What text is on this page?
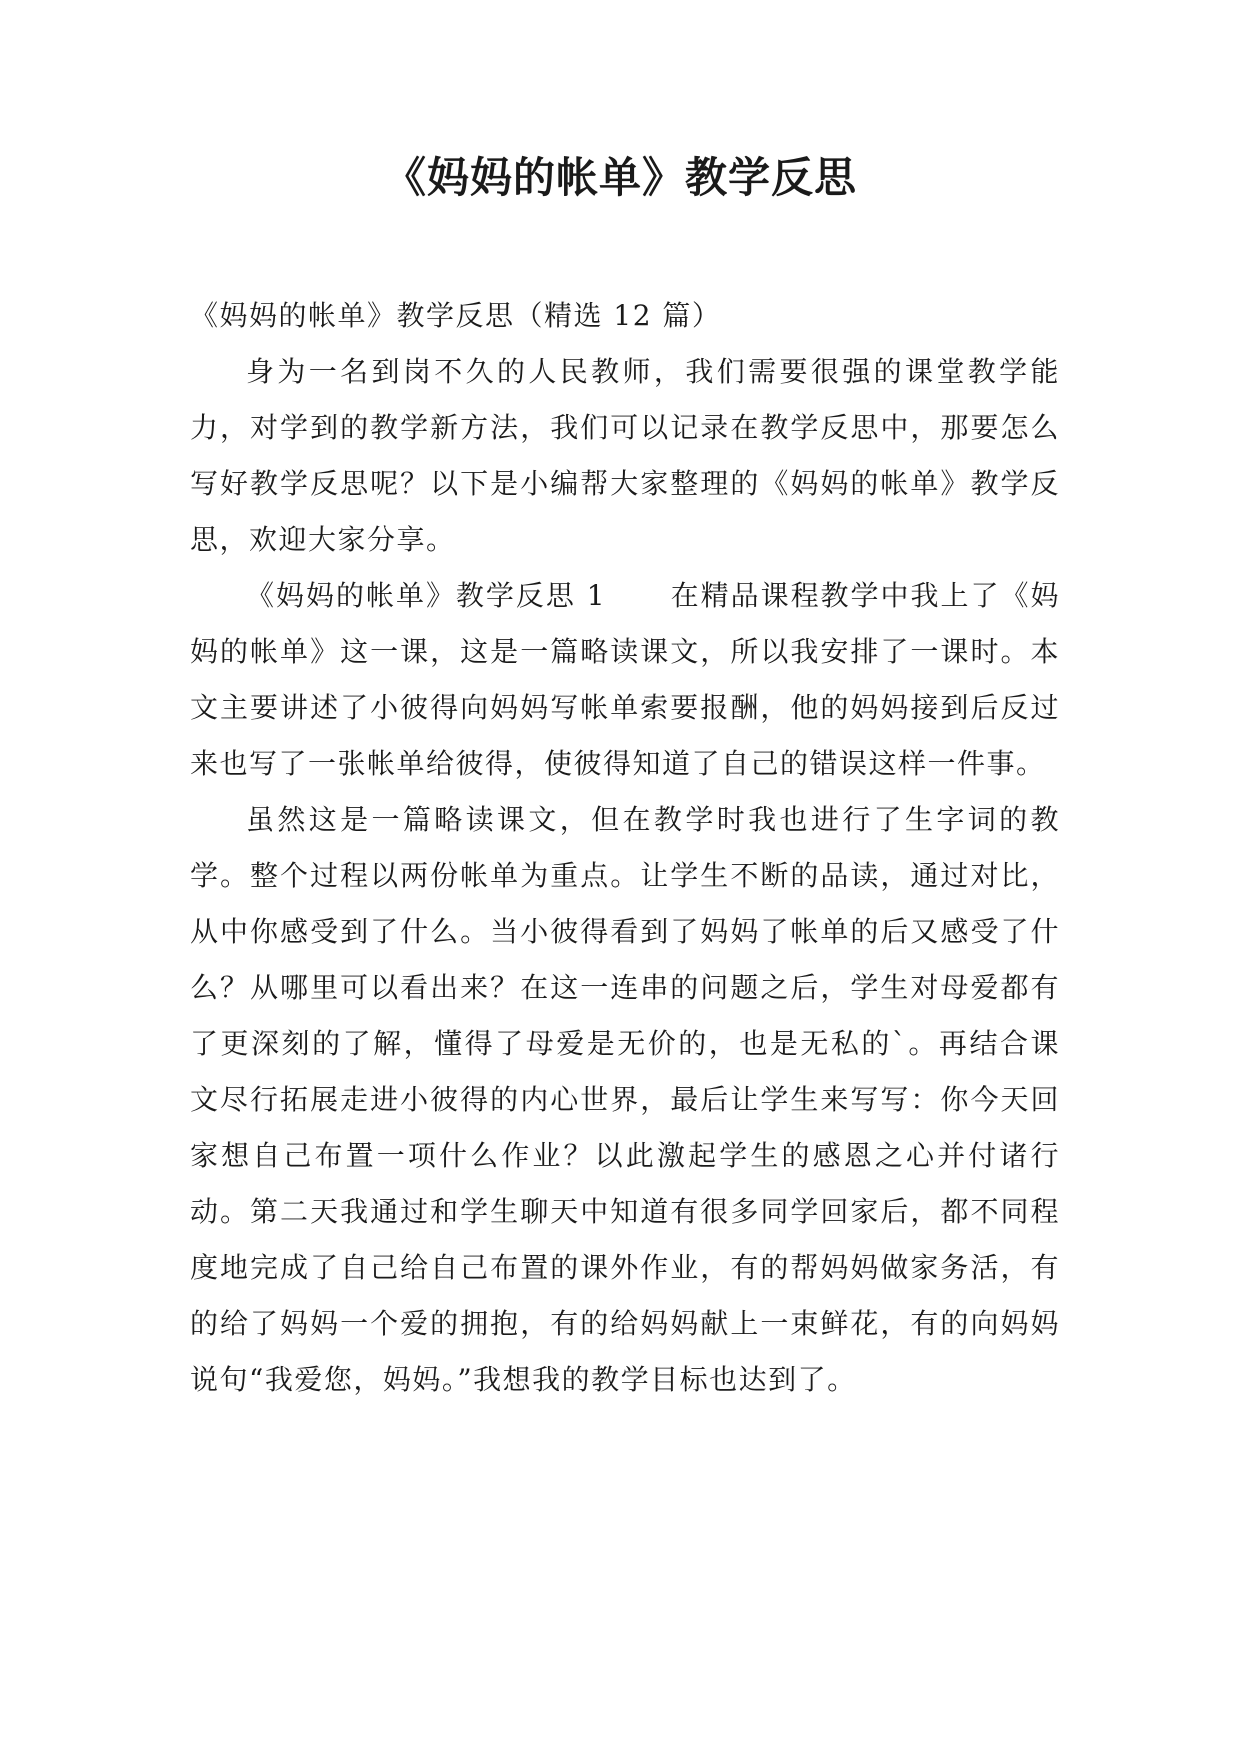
《妈妈的帐单》教学反思

《妈妈的帐单》教学反思（精选 12 篇）

身为一名到岗不久的人民教师，我们需要很强的课堂教学能力，对学到的教学新方法，我们可以记录在教学反思中，那要怎么写好教学反思呢？以下是小编帮大家整理的《妈妈的帐单》教学反思，欢迎大家分享。

《妈妈的帐单》教学反思 1 在精品课程教学中我上了《妈妈的帐单》这一课，这是一篇略读课文，所以我安排了一课时。本文主要讲述了小彼得向妈妈写帐单索要报酬，他的妈妈接到后反过来也写了一张帐单给彼得，使彼得知道了自己的错误这样一件事。

虽然这是一篇略读课文，但在教学时我也进行了生字词的教学。整个过程以两份帐单为重点。让学生不断的品读，通过对比，从中你感受到了什么。当小彼得看到了妈妈了帐单的后又感受了什么？从哪里可以看出来？在这一连串的问题之后，学生对母爱都有了更深刻的了解，懂得了母爱是无价的，也是无私的`。再结合课文尽行拓展走进小彼得的内心世界，最后让学生来写写：你今天回家想自己布置一项什么作业？以此激起学生的感恩之心并付诸行动。第二天我通过和学生聊天中知道有很多同学回家后，都不同程度地完成了自己给自己布置的课外作业，有的帮妈妈做家务活，有的给了妈妈一个爱的拥抱，有的给妈妈献上一束鲜花，有的向妈妈说句“我爱您，妈妈。”我想我的教学目标也达到了。
